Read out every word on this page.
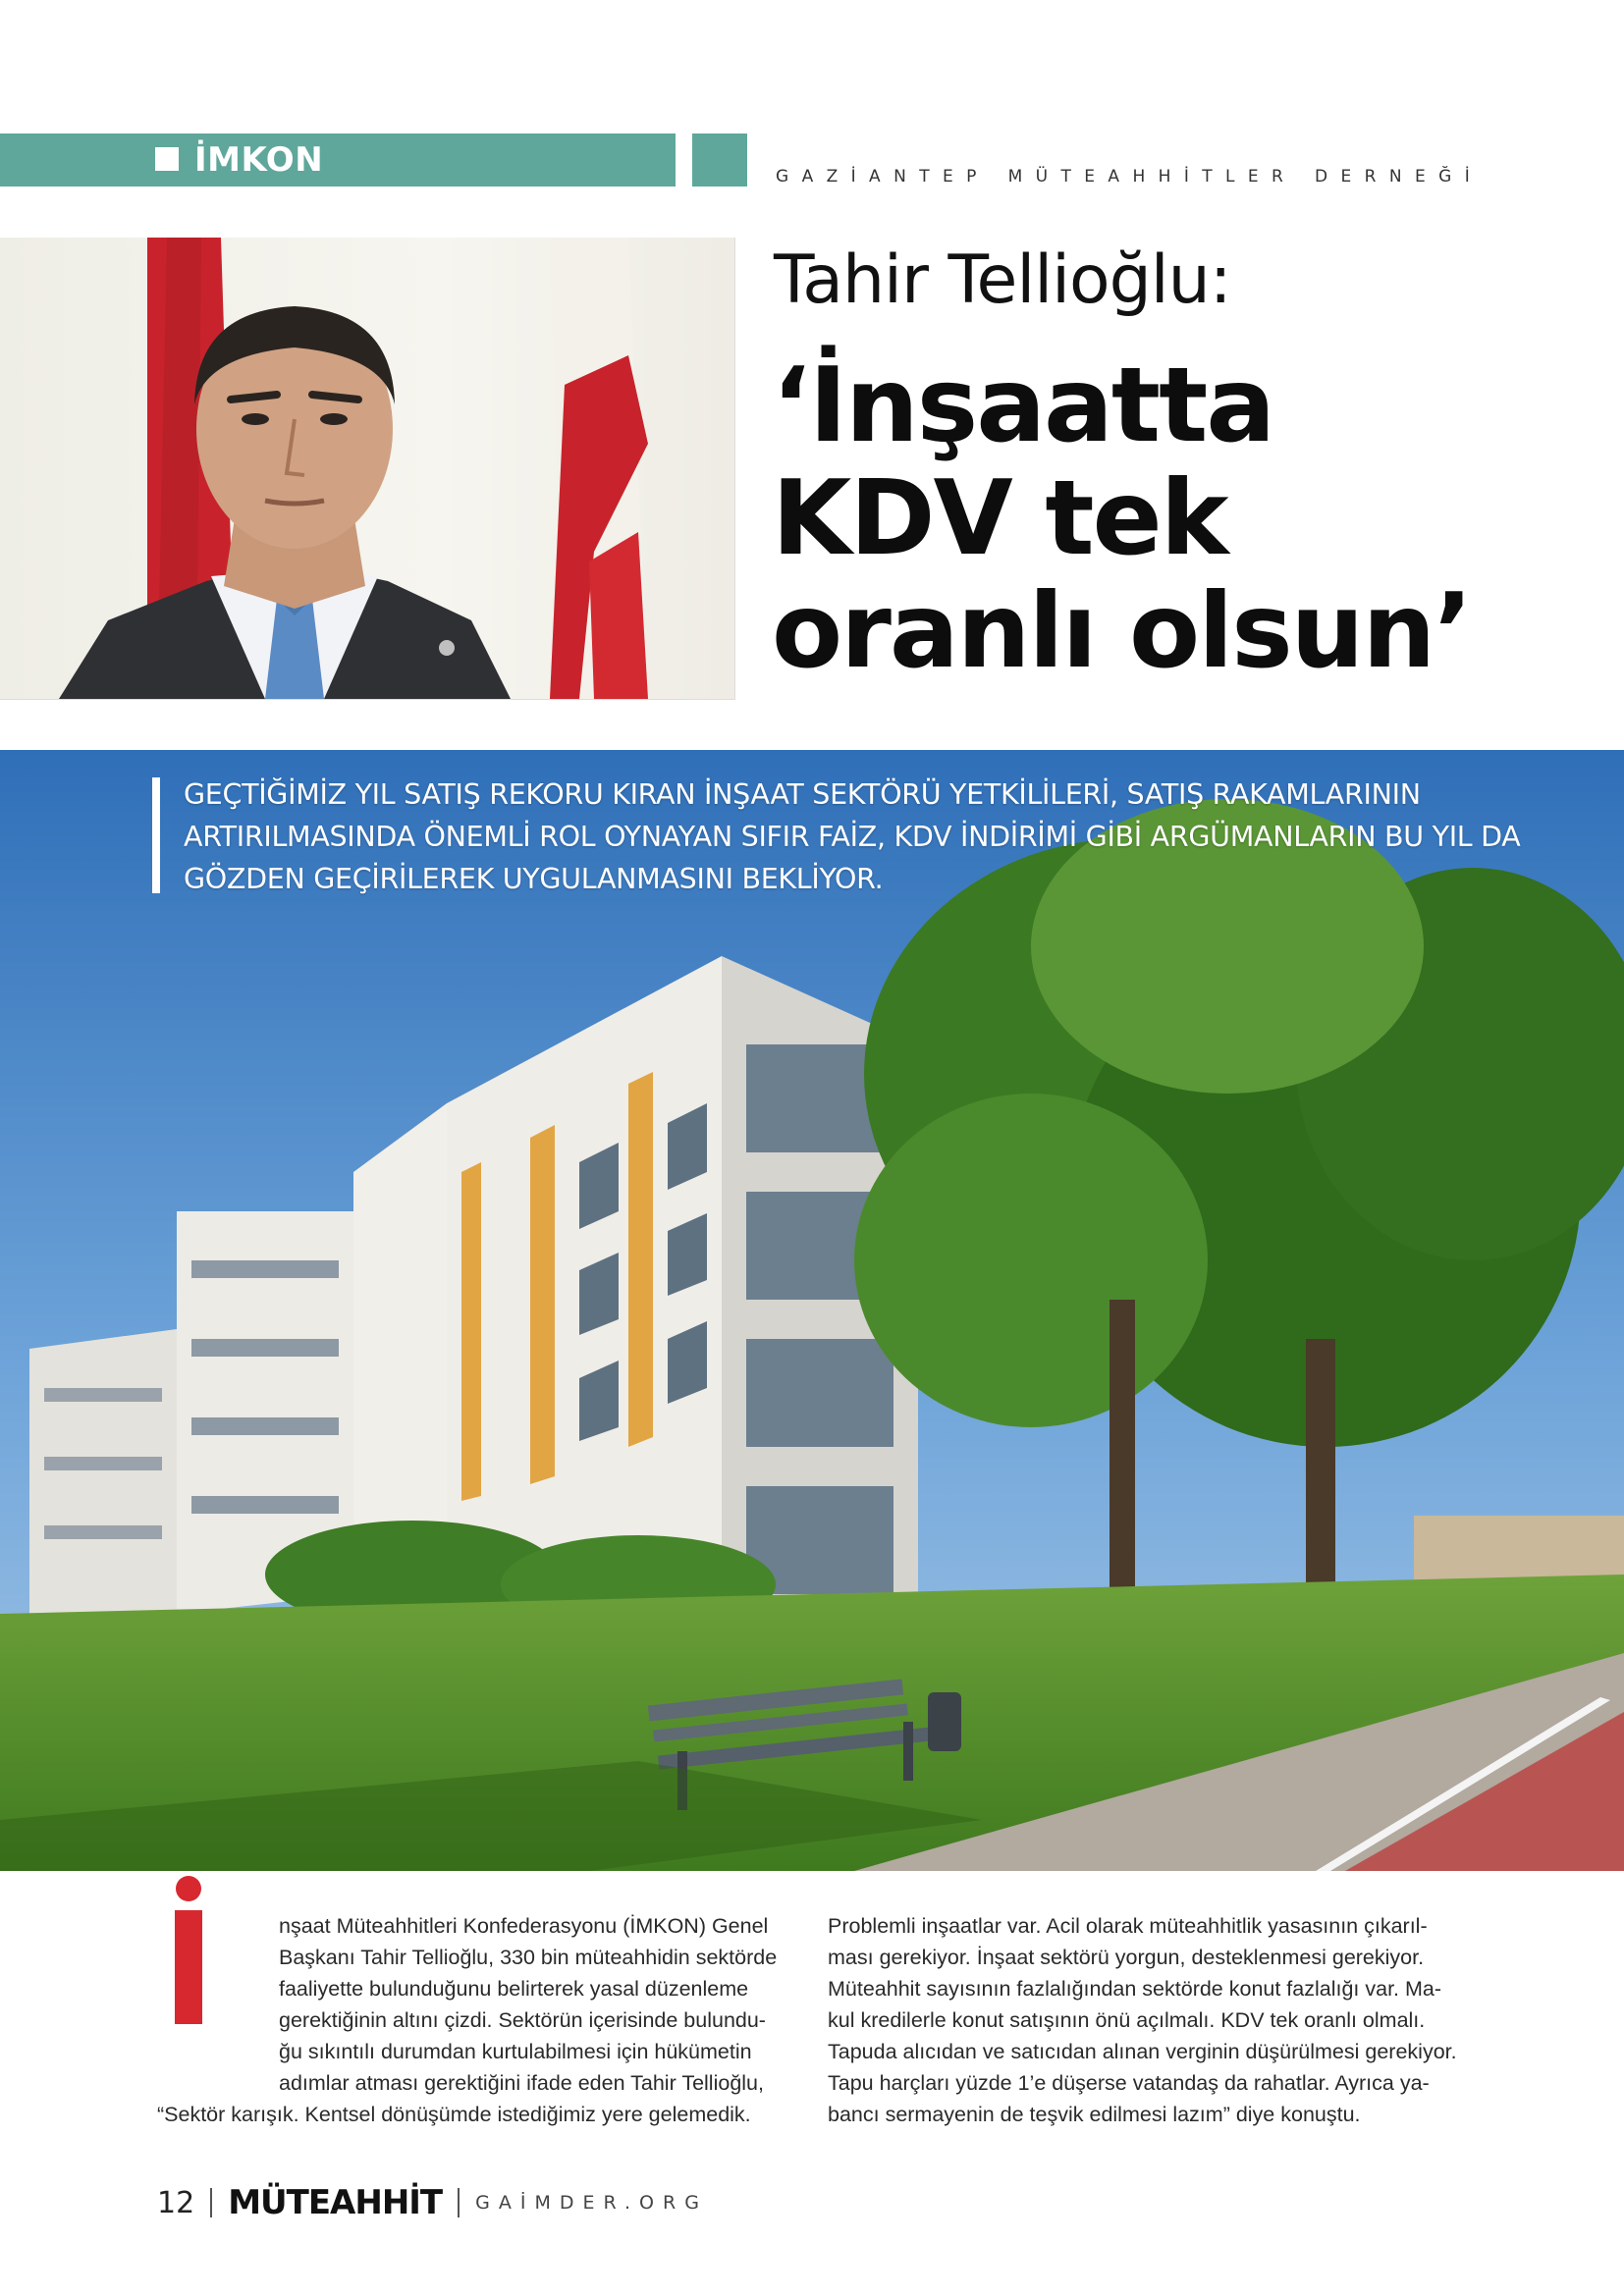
İMKON	GAZİANTEP MÜTEAHHİTLER DERNEĞİ
Tahir Tellioğlu:
‘İnşaatta
KDV tek
oranlı olsun’
GEÇTİĞİMİZ YIL SATIŞ REKORU KIRAN İNŞAAT SEKTÖRÜ YETKİLİLERİ, SATIŞ RAKAMLARININ
ARTIRILMASINDA ÖNEMLİ ROL OYNAYAN SIFIR FAİZ, KDV İNDİRİMİ GİBİ ARGÜMANLARIN BU YIL DA
GÖZDEN GEÇİRİLEREK UYGULANMASINI BEKLİYOR.
nşaat Müteahhitleri Konfederasyonu (İMKON) Genel
Başkanı Tahir Tellioğlu, 330 bin müteahhidin sektörde
faaliyette bulunduğunu belirterek yasal düzenleme
gerektiğinin altını çizdi. Sektörün içerisinde bulundu-
ğu sıkıntılı durumdan kurtulabilmesi için hükümetin
adımlar atması gerektiğini ifade eden Tahir Tellioğlu,
“Sektör karışık. Kentsel dönüşümde istediğimiz yere gelemedik.
Problemli inşaatlar var. Acil olarak müteahhitlik yasasının çıkarıl-
ması gerekiyor. İnşaat sektörü yorgun, desteklenmesi gerekiyor.
Müteahhit sayısının fazlalığından sektörde konut fazlalığı var. Ma-
kul kredilerle konut satışının önü açılmalı. KDV tek oranlı olmalı.
Tapuda alıcıdan ve satıcıdan alınan verginin düşürülmesi gerekiyor.
Tapu harçları yüzde 1’e düşerse vatandaş da rahatlar. Ayrıca ya-
bancı sermayenin de teşvik edilmesi lazım” diye konuştu.
12 MÜTEAHHİT GAİMDER.ORG
